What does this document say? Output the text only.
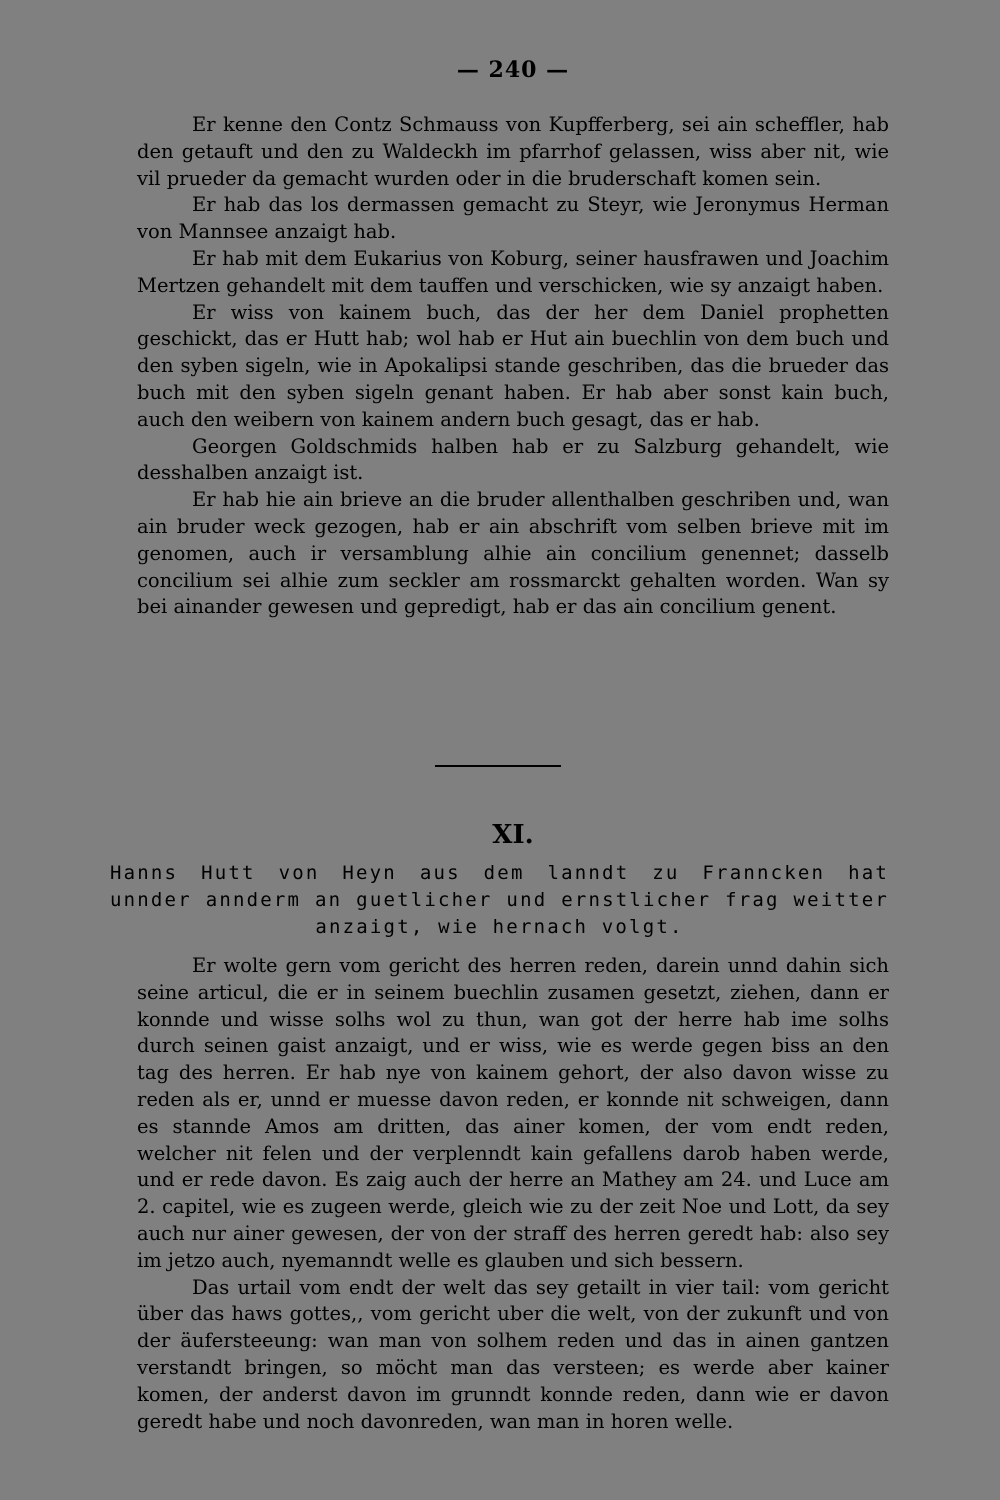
— 240 —

Er kenne den Contz Schmauss von Kupfferberg, sei ain scheffler, hab den getauft und den zu Waldeckh im pfarrhof gelassen, wiss aber nit, wie vil prueder da gemacht wurden oder in die bruderschaft komen sein.

Er hab das los dermassen gemacht zu Steyr, wie Jeronymus Herman von Mannsee anzaigt hab.

Er hab mit dem Eukarius von Koburg, seiner hausfrawen und Joachim Mertzen gehandelt mit dem tauffen und verschicken, wie sy anzaigt haben.

Er wiss von kainem buch, das der her dem Daniel prophetten geschickt, das er Hutt hab; wol hab er Hut ain buechlin von dem buch und den syben sigeln, wie in Apokalipsi stande geschriben, das die brueder das buch mit den syben sigeln genant haben. Er hab aber sonst kain buch, auch den weibern von kainem andern buch gesagt, das er hab.

Georgen Goldschmids halben hab er zu Salzburg gehandelt, wie desshalben anzaigt ist.

Er hab hie ain brieve an die bruder allenthalben geschriben und, wan ain bruder weck gezogen, hab er ain abschrift vom selben brieve mit im genomen, auch ir versamblung alhie ain concilium genennet; dasselb concilium sei alhie zum seckler am rossmarckt gehalten worden. Wan sy bei ainander gewesen und gepredigt, hab er das ain concilium genent.

XI.
Hanns Hutt von Heyn aus dem lanndt zu Franncken hat unnder annderm an guetlicher und ernstlicher frag weitter anzaigt, wie hernach volgt.

Er wolte gern vom gericht des herren reden, darein unnd dahin sich seine articul, die er in seinem buechlin zusamen gesetzt, ziehen, dann er konnde und wisse solhs wol zu thun, wan got der herre hab ime solhs durch seinen gaist anzaigt, und er wiss, wie es werde gegen biss an den tag des herren. Er hab nye von kainem gehort, der also davon wisse zu reden als er, unnd er muesse davon reden, er konnde nit schweigen, dann es stannde Amos am dritten, das ainer komen, der vom endt reden, welcher nit felen und der verplenndt kain gefallens darob haben werde, und er rede davon. Es zaig auch der herre an Mathey am 24. und Luce am 2. capitel, wie es zugeen werde, gleich wie zu der zeit Noe und Lott, da sey auch nur ainer gewesen, der von der straff des herren geredt hab: also sey im jetzo auch, nyemanndt welle es glauben und sich bessern.

Das urtail vom endt der welt das sey getailt in vier tail: vom gericht über das haws gottes,, vom gericht uber die welt, von der zukunft und von der äufersteeung: wan man von solhem reden und das in ainen gantzen verstandt bringen, so möcht man das versteen; es werde aber kainer komen, der anderst davon im grunndt konnde reden, dann wie er davon geredt habe und noch davonreden, wan man in horen welle.
